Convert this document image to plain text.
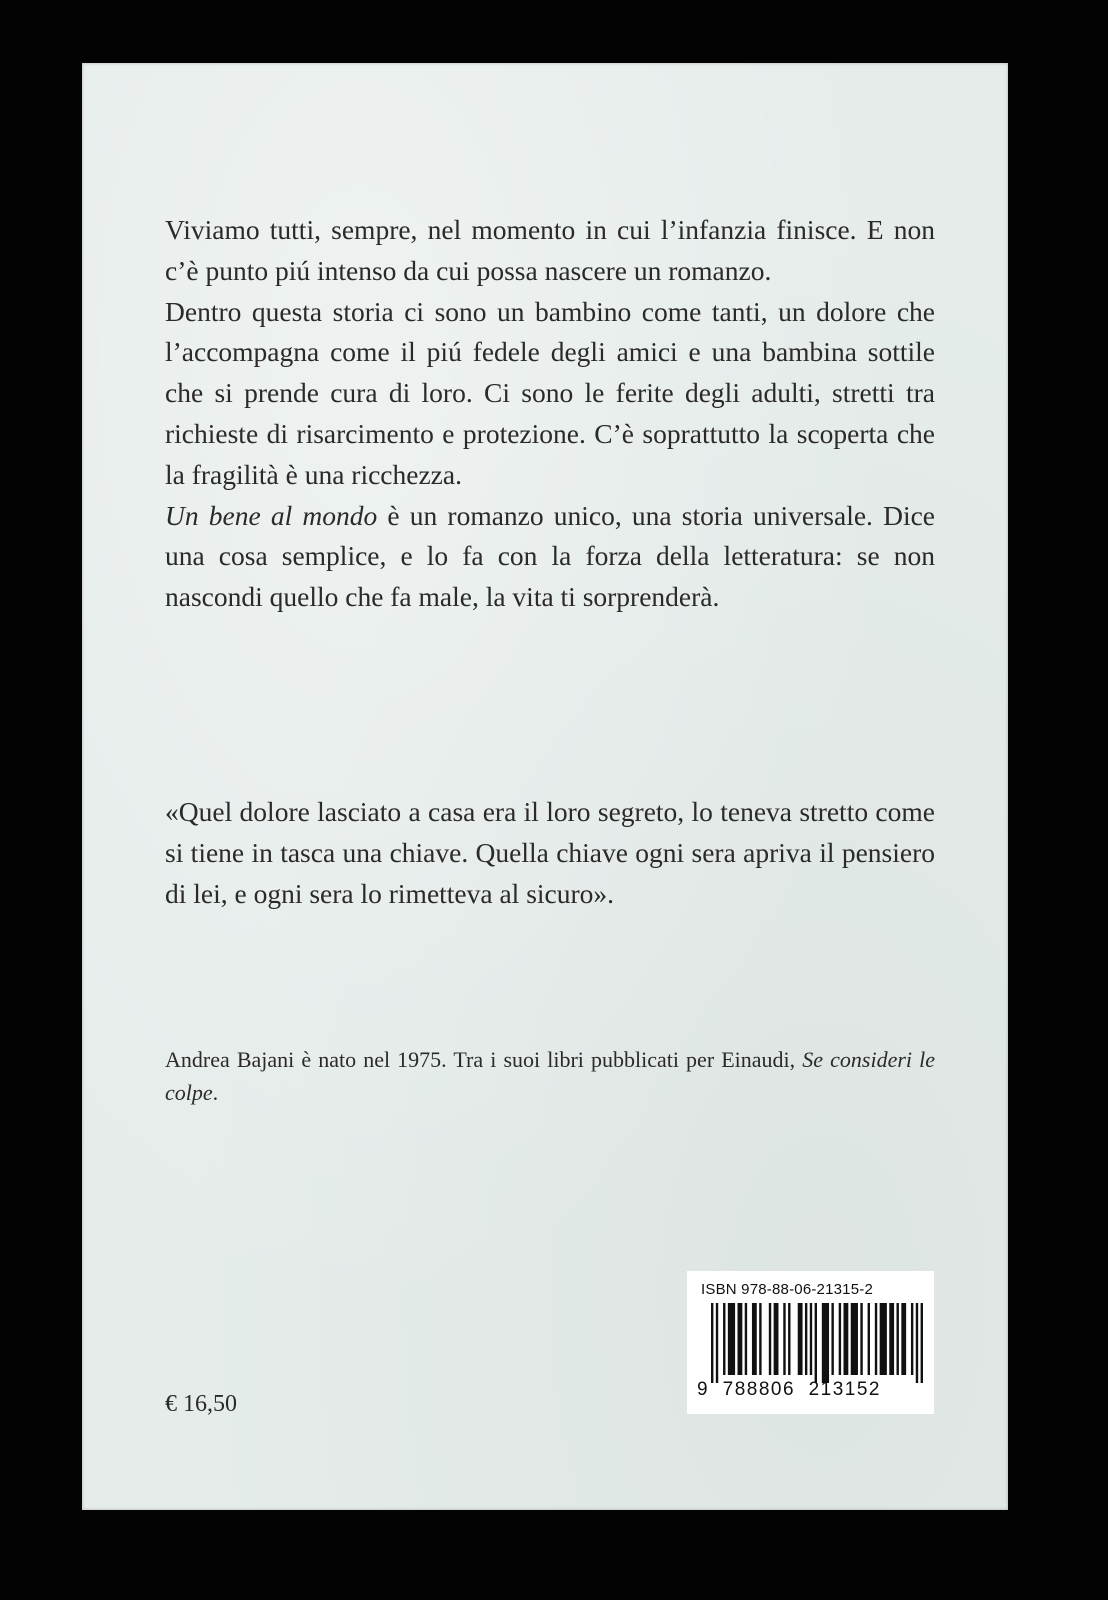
Viviamo tutti, sempre, nel momento in cui l’infanzia finisce. E non c’è punto piú intenso da cui possa nascere un romanzo.

Dentro questa storia ci sono un bambino come tanti, un dolore che l’accompagna come il piú fedele degli amici e una bambina sottile che si prende cura di loro. Ci sono le ferite degli adulti, stretti tra richieste di risarcimento e protezione. C’è soprattutto la scoperta che la fragilità è una ricchezza.

Un bene al mondo è un romanzo unico, una storia universale. Dice una cosa semplice, e lo fa con la forza della letteratura: se non nascondi quello che fa male, la vita ti sorprenderà.

«Quel dolore lasciato a casa era il loro segreto, lo teneva stretto come si tiene in tasca una chiave. Quella chiave ogni sera apriva il pensiero di lei, e ogni sera lo rimetteva al sicuro».

Andrea Bajani è nato nel 1975. Tra i suoi libri pubblicati per Einaudi, Se consideri le colpe.

€ 16,50
ISBN 978-88-06-21315-2
9  788806  213152
